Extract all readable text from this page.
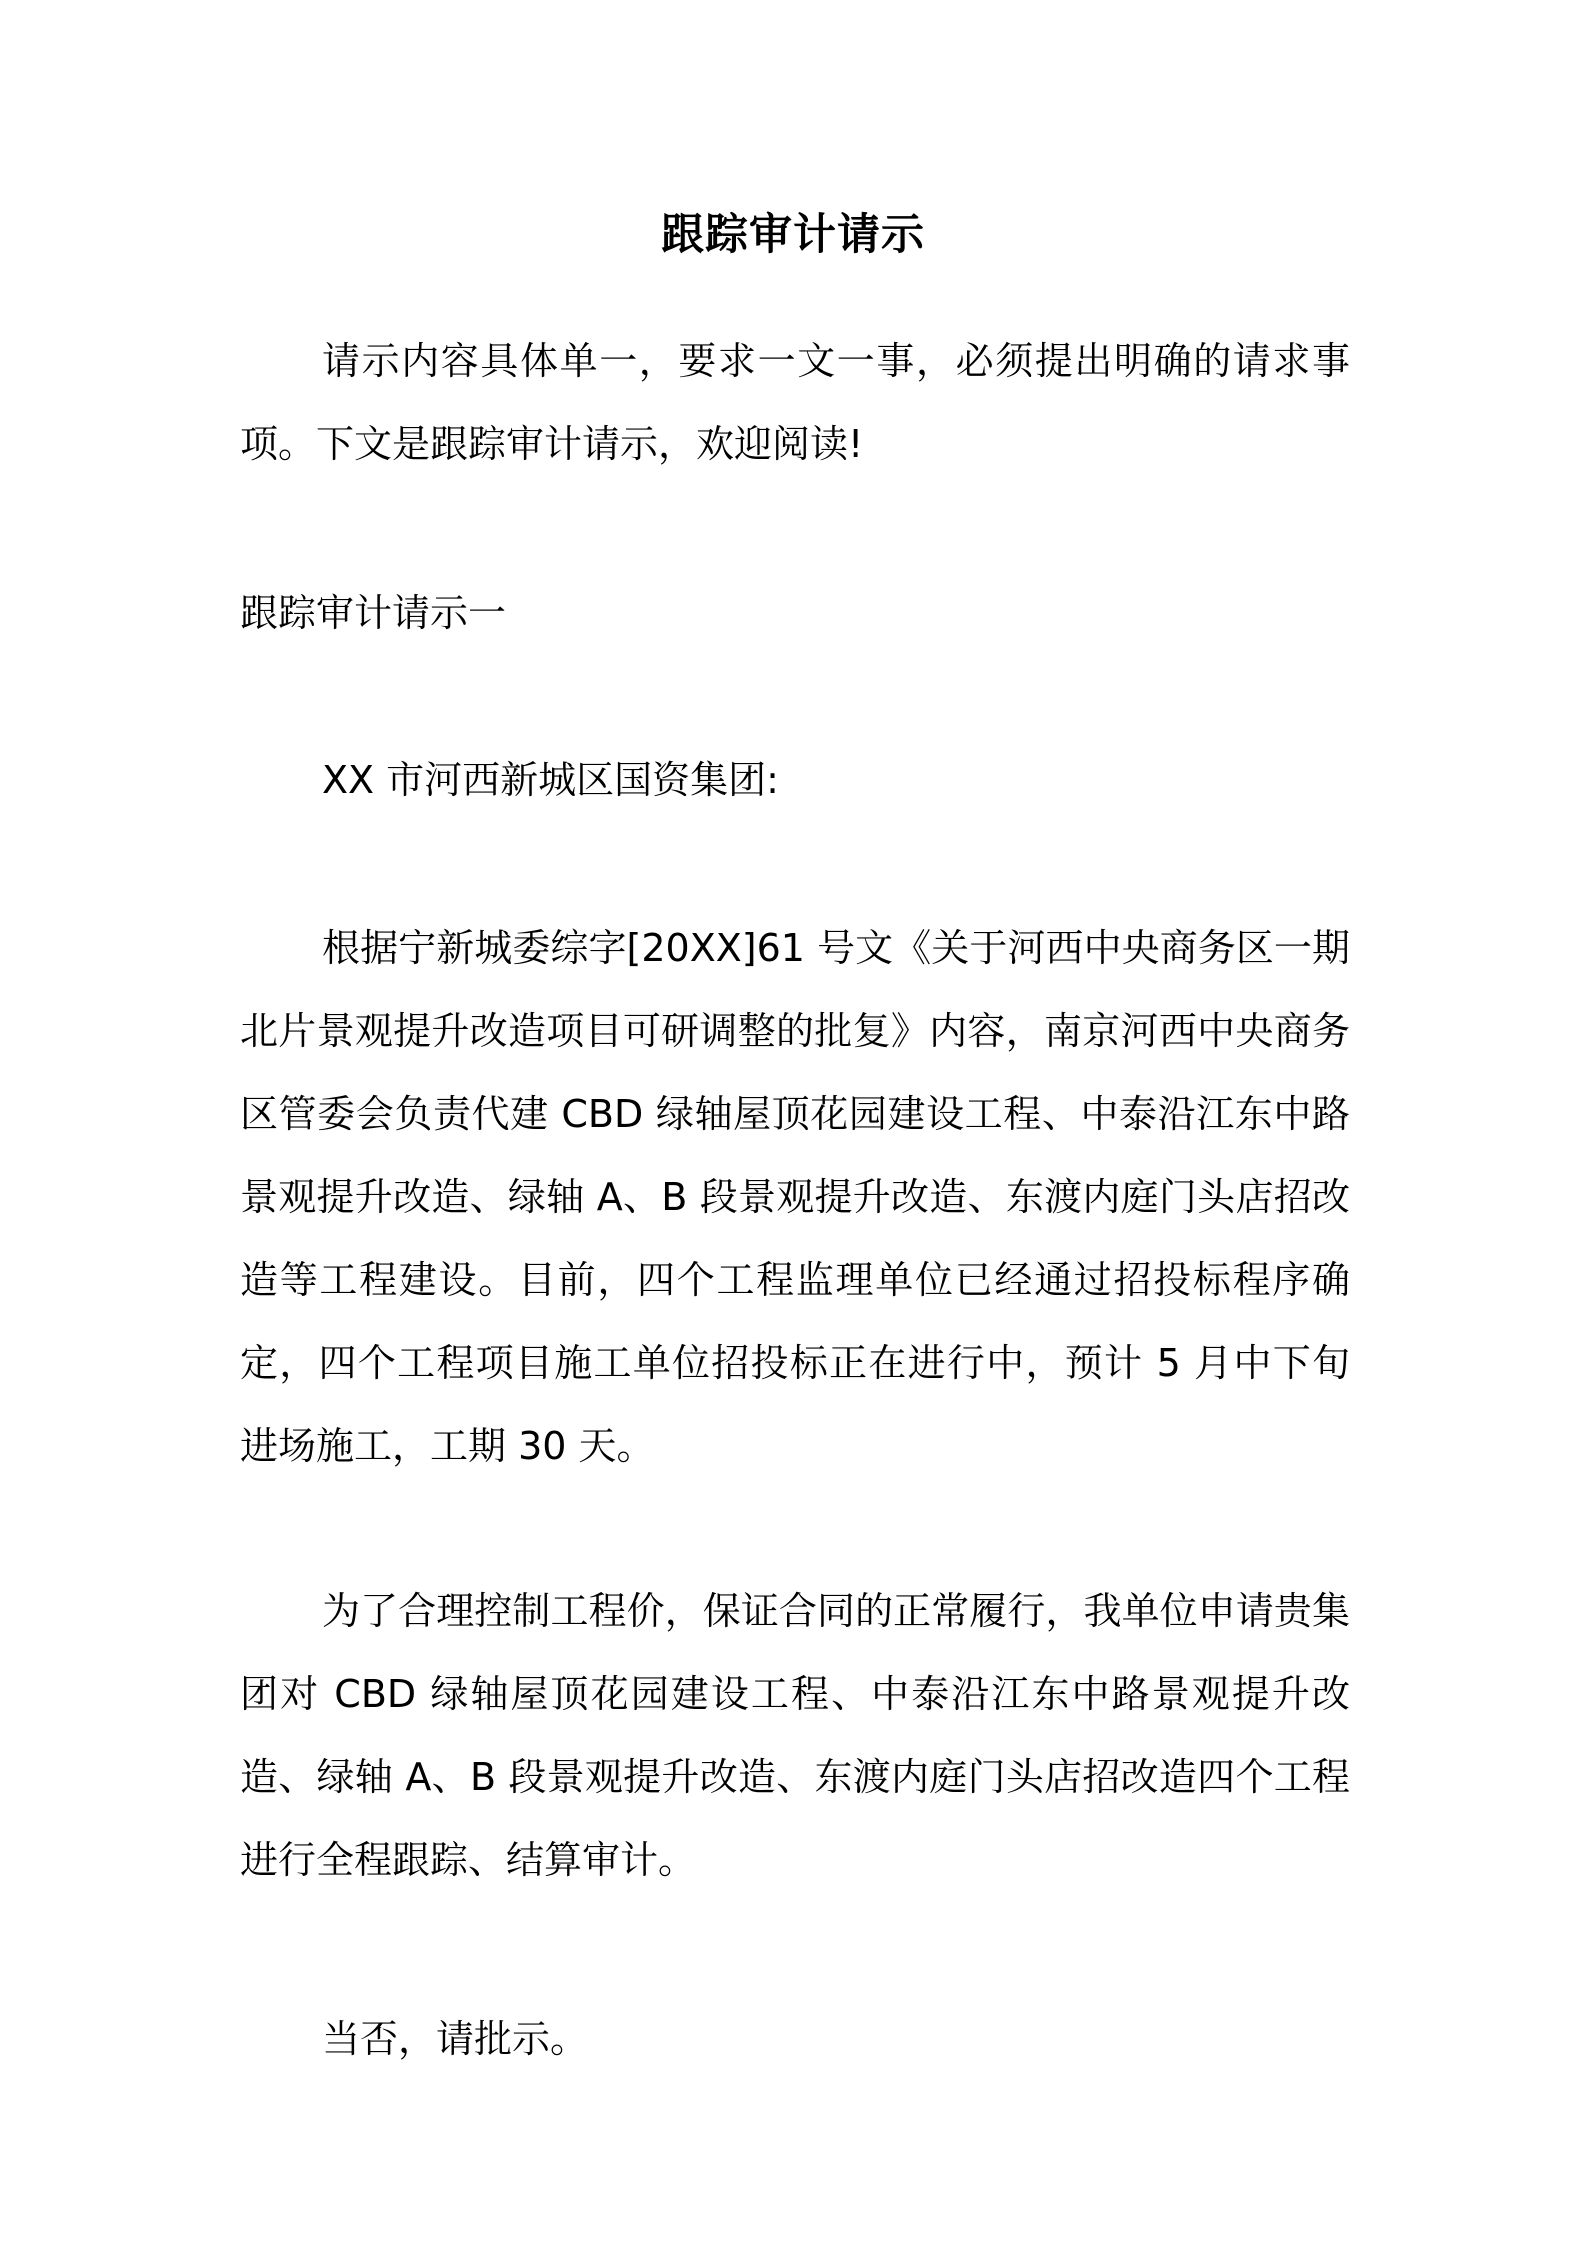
跟踪审计请示

请示内容具体单一，要求一文一事，必须提出明确的请求事项。下文是跟踪审计请示，欢迎阅读!

跟踪审计请示一

XX 市河西新城区国资集团:

根据宁新城委综字[20XX]61 号文《关于河西中央商务区一期北片景观提升改造项目可研调整的批复》内容，南京河西中央商务区管委会负责代建 CBD 绿轴屋顶花园建设工程、中泰沿江东中路景观提升改造、绿轴 A、B 段景观提升改造、东渡内庭门头店招改造等工程建设。目前，四个工程监理单位已经通过招投标程序确定，四个工程项目施工单位招投标正在进行中，预计 5 月中下旬进场施工，工期 30 天。

为了合理控制工程价，保证合同的正常履行，我单位申请贵集团对 CBD 绿轴屋顶花园建设工程、中泰沿江东中路景观提升改造、绿轴 A、B 段景观提升改造、东渡内庭门头店招改造四个工程进行全程跟踪、结算审计。

当否，请批示。
